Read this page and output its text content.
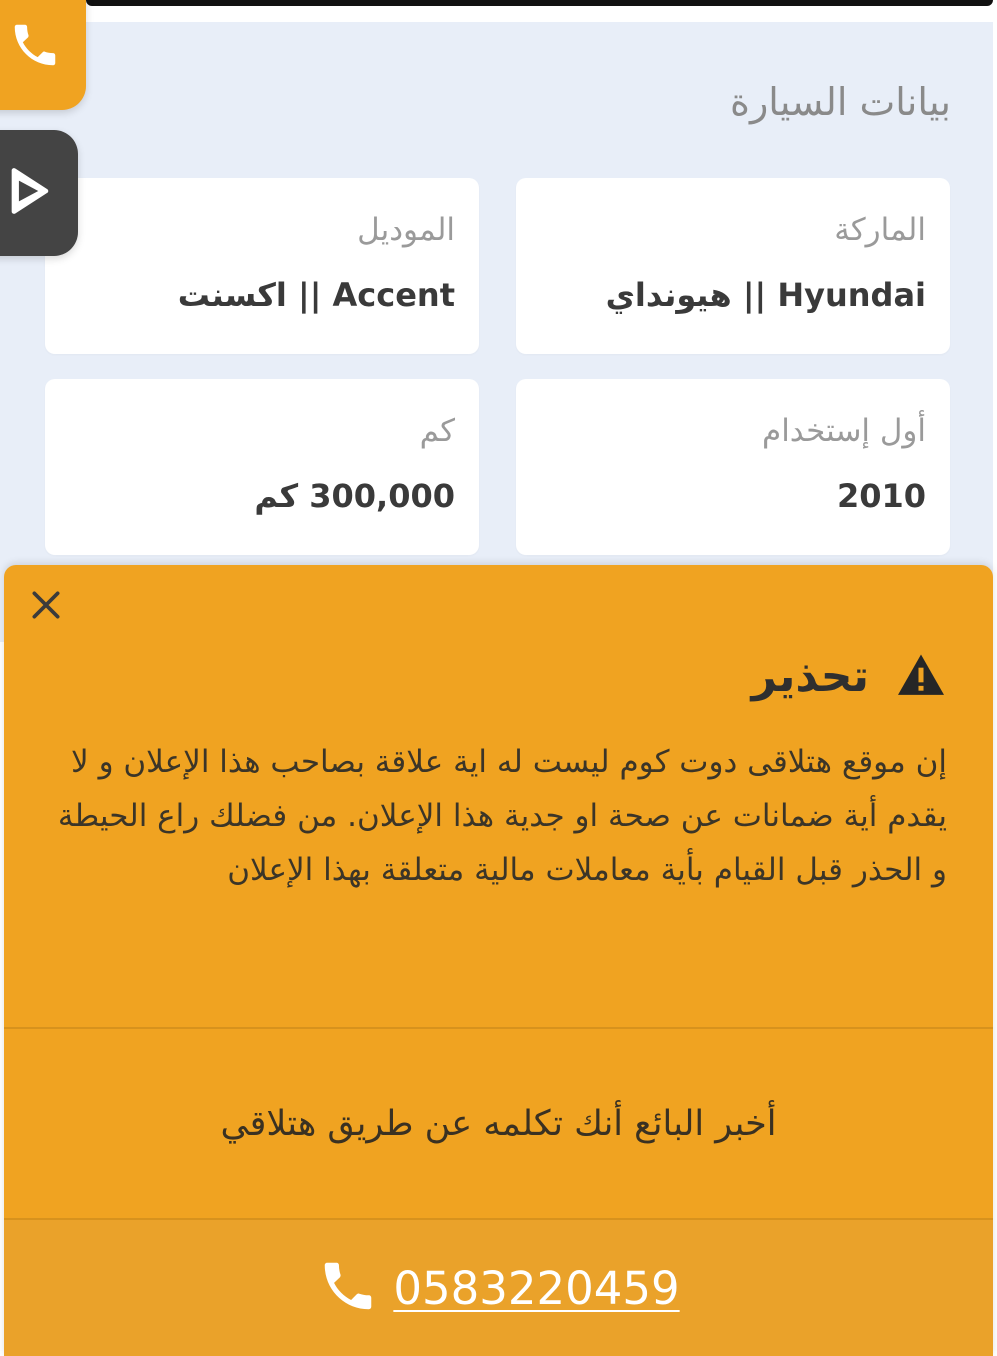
بيانات السيارة
الماركة
Hyundai || هيونداي
الموديل
Accent || اكسنت
أول إستخدام
2010
كم
300,000 كم
تحذير
إن موقع هتلاقى دوت كوم ليست له اية علاقة بصاحب هذا الإعلان و لا يقدم أية ضمانات عن صحة او جدية هذا الإعلان. من فضلك راع الحيطة و الحذر قبل القيام بأية معاملات مالية متعلقة بهذا الإعلان
أخبر البائع أنك تكلمه عن طريق هتلاقي
0583220459
